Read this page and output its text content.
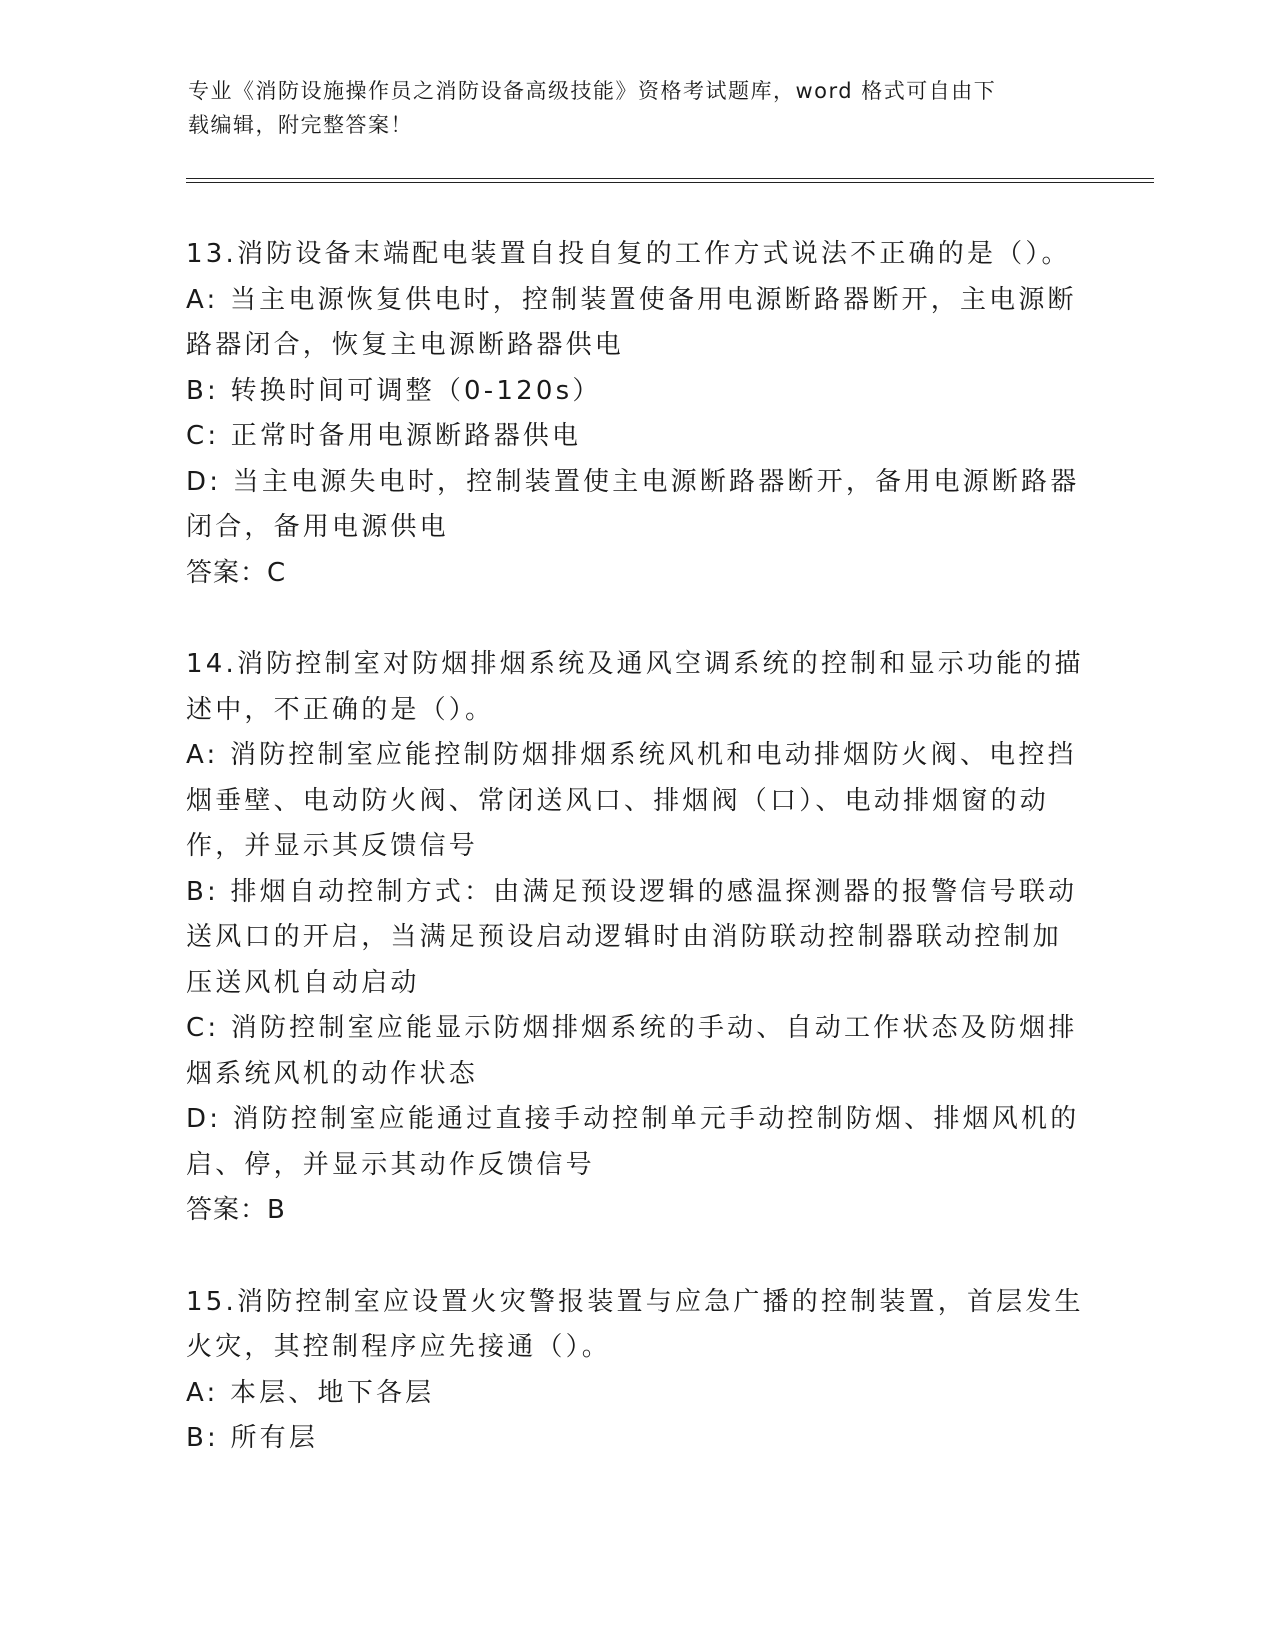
专业《消防设施操作员之消防设备高级技能》资格考试题库，word 格式可自由下
载编辑，附完整答案！
13.消防设备末端配电装置自投自复的工作方式说法不正确的是（）。
A: 当主电源恢复供电时，控制装置使备用电源断路器断开，主电源断
路器闭合，恢复主电源断路器供电
B: 转换时间可调整（0-120s）
C: 正常时备用电源断路器供电
D: 当主电源失电时，控制装置使主电源断路器断开，备用电源断路器
闭合，备用电源供电
答案：C
14.消防控制室对防烟排烟系统及通风空调系统的控制和显示功能的描
述中，不正确的是（）。
A: 消防控制室应能控制防烟排烟系统风机和电动排烟防火阀、电控挡
烟垂壁、电动防火阀、常闭送风口、排烟阀（口）、电动排烟窗的动
作，并显示其反馈信号
B: 排烟自动控制方式：由满足预设逻辑的感温探测器的报警信号联动
送风口的开启，当满足预设启动逻辑时由消防联动控制器联动控制加
压送风机自动启动
C: 消防控制室应能显示防烟排烟系统的手动、自动工作状态及防烟排
烟系统风机的动作状态
D: 消防控制室应能通过直接手动控制单元手动控制防烟、排烟风机的
启、停，并显示其动作反馈信号
答案：B
15.消防控制室应设置火灾警报装置与应急广播的控制装置，首层发生
火灾，其控制程序应先接通（）。
A: 本层、地下各层
B: 所有层
